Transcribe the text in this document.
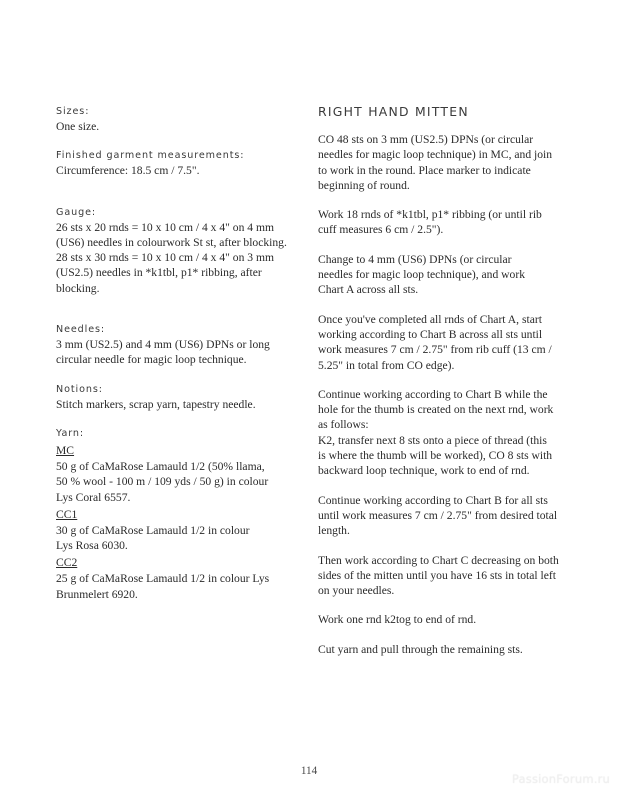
Sizes:

One size.

Finished garment measurements:

Circumference: 18.5 cm / 7.5".

Gauge:

26 sts x 20 rnds = 10 x 10 cm / 4 x 4" on 4 mm

(US6) needles in colourwork St st, after blocking.

28 sts x 30 rnds = 10 x 10 cm / 4 x 4" on 3 mm

(US2.5) needles in *k1tbl, p1* ribbing, after

blocking.

Needles:

3 mm (US2.5) and 4 mm (US6) DPNs or long

circular needle for magic loop technique.

Notions:

Stitch markers, scrap yarn, tapestry needle.

Yarn:

MC

50 g of CaMaRose Lamauld 1/2 (50% llama,

50 % wool - 100 m / 109 yds / 50 g) in colour

Lys Coral 6557.

CC1

30 g of CaMaRose Lamauld 1/2 in colour

Lys Rosa 6030.

CC2

25 g of CaMaRose Lamauld 1/2 in colour Lys

Brunmelert 6920.

RIGHT HAND MITTEN

CO 48 sts on 3 mm (US2.5) DPNs (or circular

needles for magic loop technique) in MC, and join

to work in the round. Place marker to indicate

beginning of round.

Work 18 rnds of *k1tbl, p1* ribbing (or until rib

cuff measures 6 cm / 2.5").

Change to 4 mm (US6) DPNs (or circular

needles for magic loop technique), and work

Chart A across all sts.

Once you've completed all rnds of Chart A, start

working according to Chart B across all sts until

work measures 7 cm / 2.75" from rib cuff (13 cm /

5.25" in total from CO edge).

Continue working according to Chart B while the

hole for the thumb is created on the next rnd, work

as follows:

K2, transfer next 8 sts onto a piece of thread (this

is where the thumb will be worked), CO 8 sts with

backward loop technique, work to end of rnd.

Continue working according to Chart B for all sts

until work measures 7 cm / 2.75" from desired total

length.

Then work according to Chart C decreasing on both

sides of the mitten until you have 16 sts in total left

on your needles.

Work one rnd k2tog to end of rnd.

Cut yarn and pull through the remaining sts.

114
PassionForum.ru
